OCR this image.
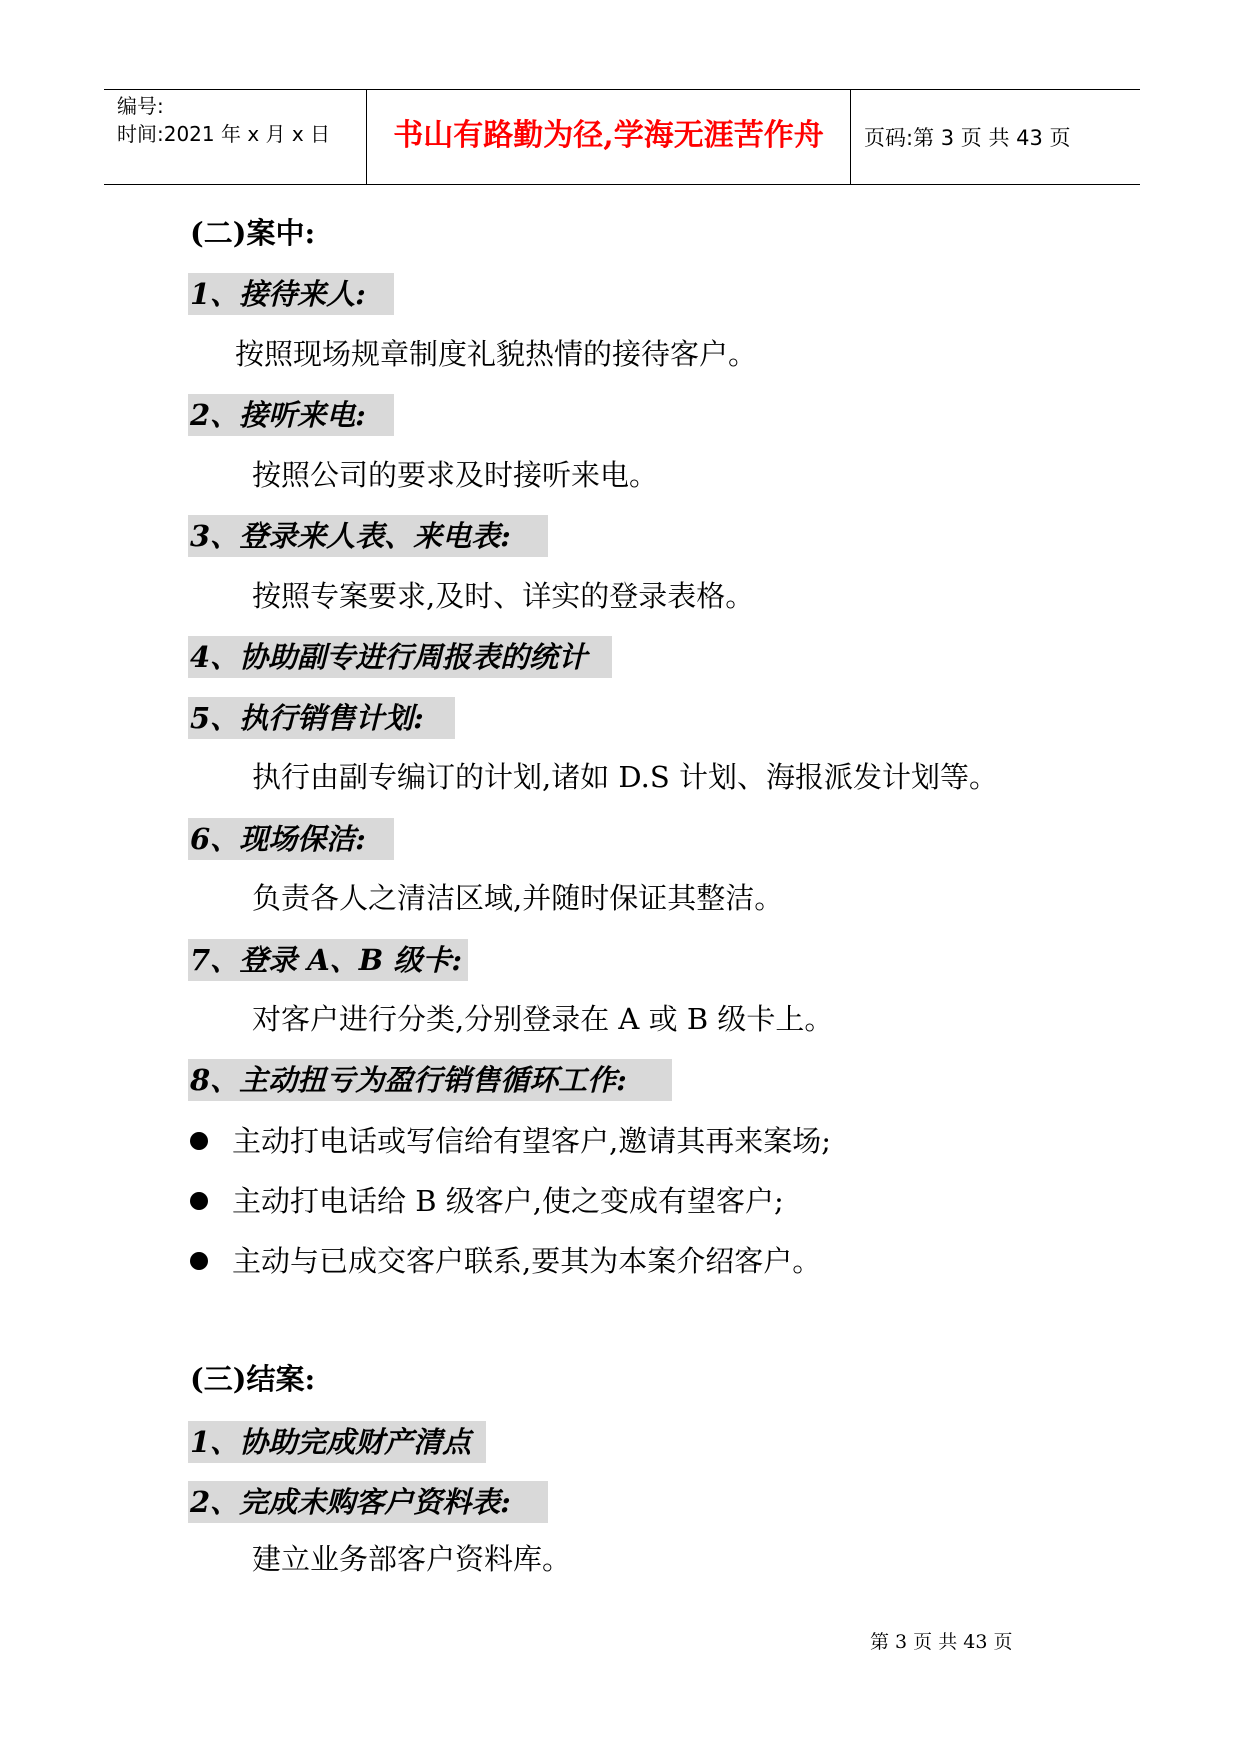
编号:
时间:2021 年 x 月 x 日	书山有路勤为径,学海无涯苦作舟	页码:第 3 页 共 43 页
(二)案中:
1、接待来人:
按照现场规章制度礼貌热情的接待客户。
2、接听来电:
按照公司的要求及时接听来电。
3、登录来人表、来电表:
按照专案要求,及时、详实的登录表格。
4、协助副专进行周报表的统计
5、执行销售计划:
执行由副专编订的计划,诸如 D.S 计划、海报派发计划等。
6、现场保洁:
负责各人之清洁区域,并随时保证其整洁。
7、登录 A、B 级卡:
对客户进行分类,分别登录在 A 或 B 级卡上。
8、主动扭亏为盈行销售循环工作:
主动打电话或写信给有望客户,邀请其再来案场;
主动打电话给 B 级客户,使之变成有望客户;
主动与已成交客户联系,要其为本案介绍客户。
(三)结案:
1、协助完成财产清点
2、完成未购客户资料表:
建立业务部客户资料库。
第 3 页 共 43 页
